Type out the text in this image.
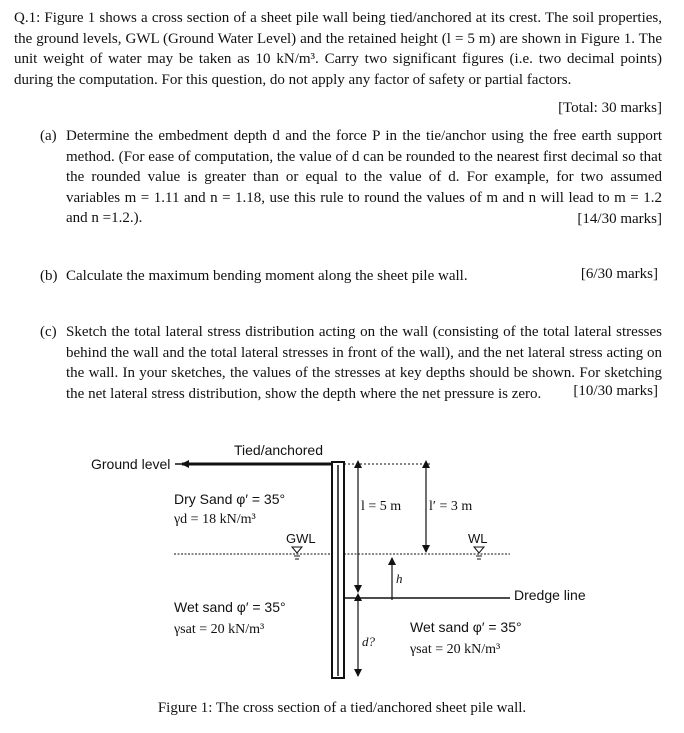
Q.1: Figure 1 shows a cross section of a sheet pile wall being tied/anchored at its crest. The soil properties, the ground levels, GWL (Ground Water Level) and the retained height (l = 5 m) are shown in Figure 1. The unit weight of water may be taken as 10 kN/m³. Carry two significant figures (i.e. two decimal points) during the computation. For this question, do not apply any factor of safety or partial factors.
[Total: 30 marks]
(a) Determine the embedment depth d and the force P in the tie/anchor using the free earth support method. (For ease of computation, the value of d can be rounded to the nearest first decimal so that the rounded value is greater than or equal to the value of d. For example, for two assumed variables m = 1.11 and n = 1.18, use this rule to round the values of m and n will lead to m = 1.2 and n =1.2.).	[14/30 marks]
(b) Calculate the maximum bending moment along the sheet pile wall.	[6/30 marks]
(c) Sketch the total lateral stress distribution acting on the wall (consisting of the total lateral stresses behind the wall and the total lateral stresses in front of the wall), and the net lateral stress acting on the wall. In your sketches, the values of the stresses at key depths should be shown. For sketching the net lateral stress distribution, show the depth where the net pressure is zero.	[10/30 marks]
Tied/anchored
Ground level
Dry Sand φ′ = 35°
γd = 18 kN/m³
GWL
l = 5 m l′ = 3 m
WL
h
Dredge line
Wet sand φ′ = 35°
γsat = 20 kN/m³
d?
Wet sand φ′ = 35°
γsat = 20 kN/m³
Figure 1: The cross section of a tied/anchored sheet pile wall.
